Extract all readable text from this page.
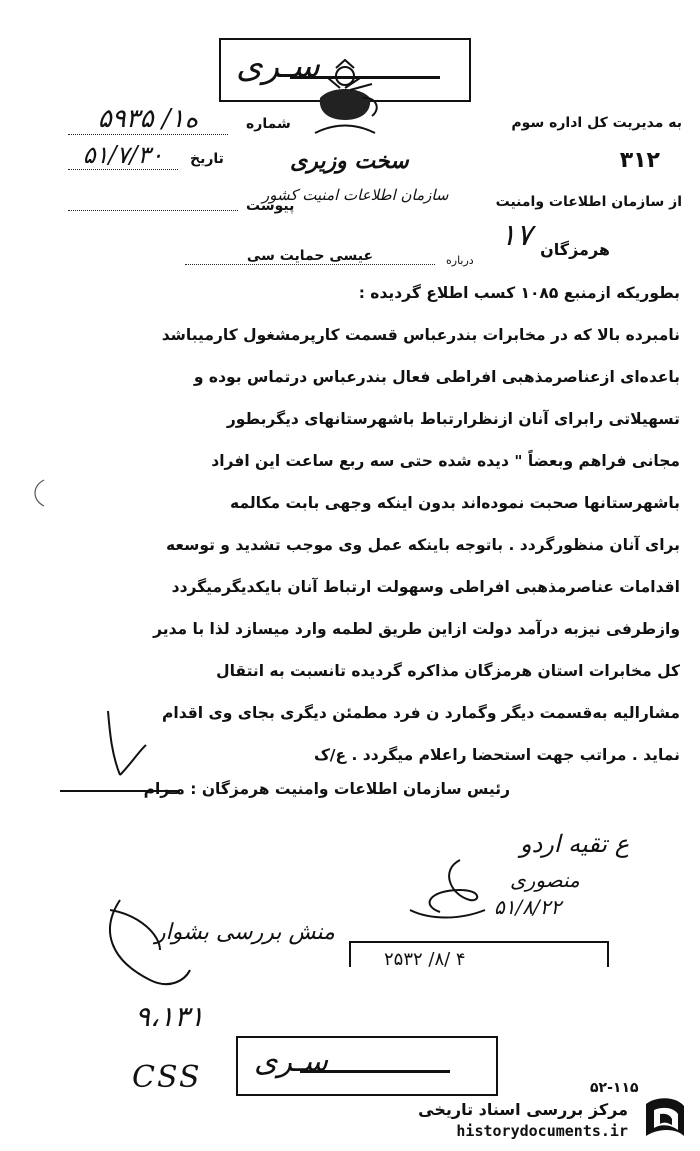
سـرى
به مدیریت کل اداره سوم
۳۱۲
از سازمان اطلاعات وامنیت
هرمزگان
۱۷
شماره
۵۹۳۵ /۱ه
تاریخ
۵۱/۷/۳۰
پیوست
سخت‌ وزیری
سازمان اطلاعات امنیت کشور
درباره
عیسی حمایت سی
بطوریکه ازمنبع ۱۰۸۵ کسب اطلاع گردیده :
نامبرده بالا که در مخابرات بندرعباس قسمت کارپرمشغول کارمیباشد
باعده‌ای ازعناصرمذهبی افراطی فعال بندرعباس درتماس بوده و
تسهیلاتی رابرای آنان ازنظرارتباط باشهرستانهای دیگربطور
مجانی فراهم وبعضاً " دیده شده حتی سه ربع ساعت این افراد
باشهرستانها صحبت نموده‌اند بدون اینکه وجهی بابت مکالمه
برای آنان منظورگردد . باتوجه باینکه عمل وی موجب تشدید و توسعه
اقدامات عناصرمذهبی افراطی وسهولت ارتباط آنان بایکدیگرمیگردد
وازطرفی نیزبه درآمد دولت ازاین طریق لطمه وارد میسازد لذا با مدیر
کل مخابرات استان هرمزگان مذاکره گردیده تانسبت به انتقال
مشارالیه به‌قسمت دیگر وگمارد ن فرد مطمئن دیگری بجای وی اقدام
نماید . مراتب جهت استحضا راعلام میگردد . ع/ک
رئیس سازمان اطلاعات وامنیت هرمزگان : مـرام
ع تقیه اردو
منصوری
۵۱/۸/۲۲
منش بررسی بشوار
۲۵۳۲ /۸/ ۴
۹،۱۳۱
CSS سـرى
۵۲-۱۱۵
مرکز بررسی اسناد تاریخی
historydocuments.ir
